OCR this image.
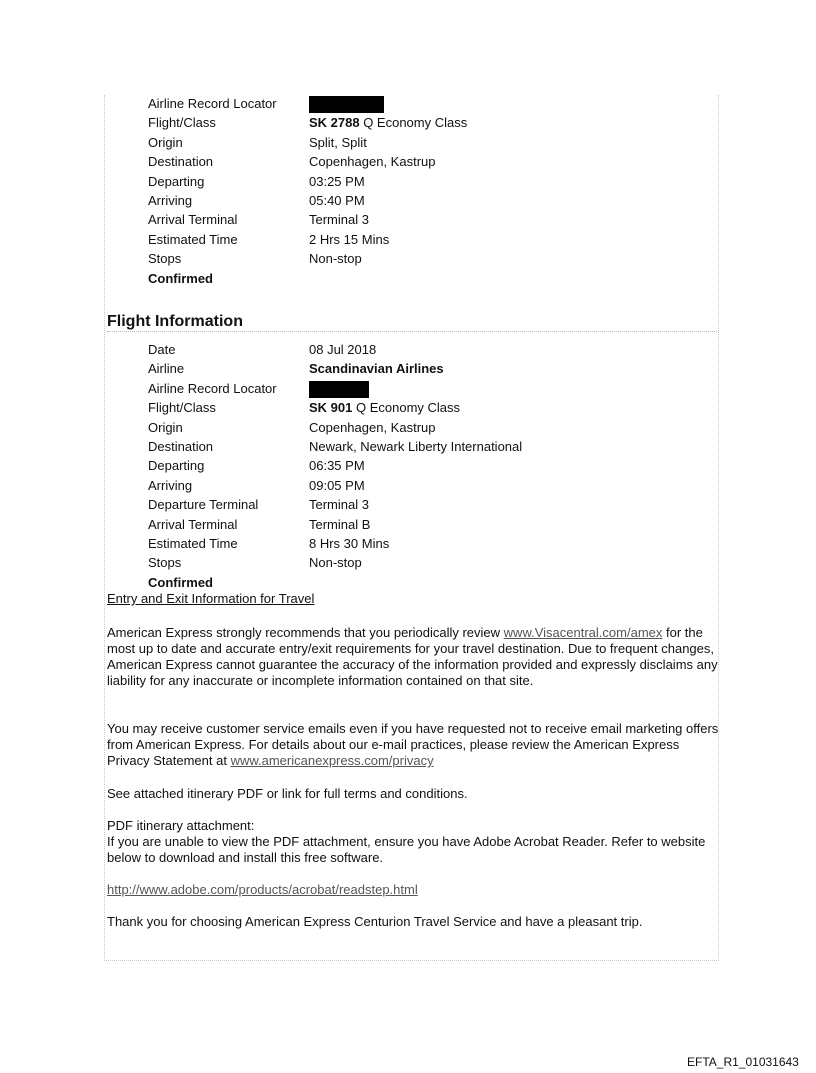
Airline Record Locator
Flight/Class	SK 2788 Q Economy Class
Origin	Split, Split
Destination	Copenhagen, Kastrup
Departing	03:25 PM
Arriving	05:40 PM
Arrival Terminal	Terminal 3
Estimated Time	2 Hrs 15 Mins
Stops	Non-stop
Confirmed
Flight Information
Date	08 Jul 2018
Airline	Scandinavian Airlines
Airline Record Locator
Flight/Class	SK 901 Q Economy Class
Origin	Copenhagen, Kastrup
Destination	Newark, Newark Liberty International
Departing	06:35 PM
Arriving	09:05 PM
Departure Terminal	Terminal 3
Arrival Terminal	Terminal B
Estimated Time	8 Hrs 30 Mins
Stops	Non-stop
Confirmed
Entry and Exit Information for Travel
American Express strongly recommends that you periodically review www.Visacentral.com/amex for the most up to date and accurate entry/exit requirements for your travel destination. Due to frequent changes, American Express cannot guarantee the accuracy of the information provided and expressly disclaims any liability for any inaccurate or incomplete information contained on that site.
You may receive customer service emails even if you have requested not to receive email marketing offers from American Express. For details about our e-mail practices, please review the American Express Privacy Statement at www.americanexpress.com/privacy
See attached itinerary PDF or link for full terms and conditions.
PDF itinerary attachment:
If you are unable to view the PDF attachment, ensure you have Adobe Acrobat Reader. Refer to website below to download and install this free software.
http://www.adobe.com/products/acrobat/readstep.html
Thank you for choosing American Express Centurion Travel Service and have a pleasant trip.
EFTA_R1_01031643
